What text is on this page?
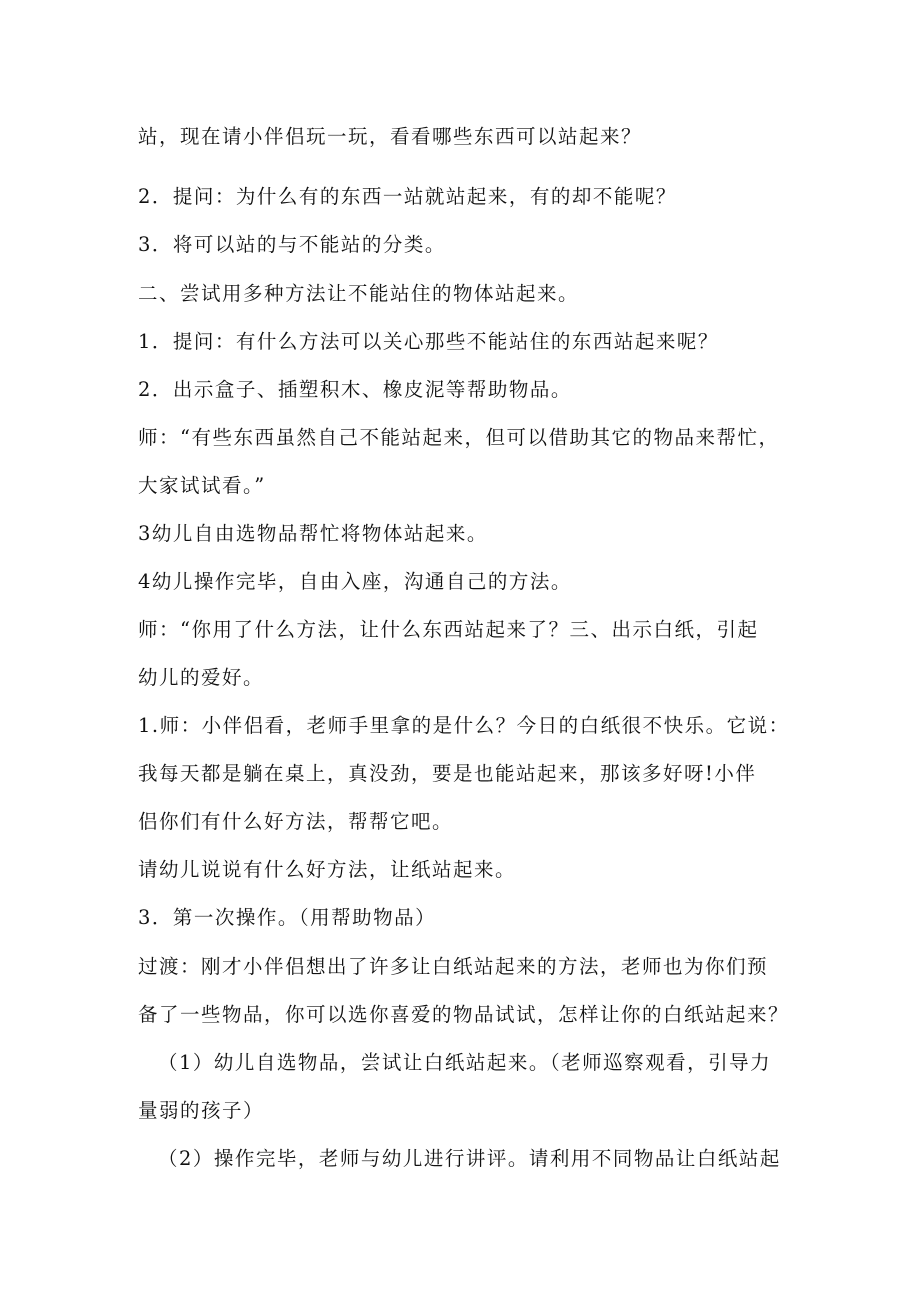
站，现在请小伴侣玩一玩，看看哪些东西可以站起来？
2．提问：为什么有的东西一站就站起来，有的却不能呢？
3．将可以站的与不能站的分类。
二、尝试用多种方法让不能站住的物体站起来。
1．提问：有什么方法可以关心那些不能站住的东西站起来呢？
2．出示盒子、插塑积木、橡皮泥等帮助物品。
师：“有些东西虽然自己不能站起来，但可以借助其它的物品来帮忙，
大家试试看。”
3幼儿自由选物品帮忙将物体站起来。
4幼儿操作完毕，自由入座，沟通自己的方法。
师：“你用了什么方法，让什么东西站起来了？三、出示白纸，引起
幼儿的爱好。
1.师：小伴侣看，老师手里拿的是什么？今日的白纸很不快乐。它说：
我每天都是躺在桌上，真没劲，要是也能站起来，那该多好呀!小伴
侣你们有什么好方法，帮帮它吧。
请幼儿说说有什么好方法，让纸站起来。
3．第一次操作。（用帮助物品）
过渡：刚才小伴侣想出了许多让白纸站起来的方法，老师也为你们预
备了一些物品，你可以选你喜爱的物品试试，怎样让你的白纸站起来？
（1）幼儿自选物品，尝试让白纸站起来。（老师巡察观看，引导力
量弱的孩子）
（2）操作完毕，老师与幼儿进行讲评。请利用不同物品让白纸站起
